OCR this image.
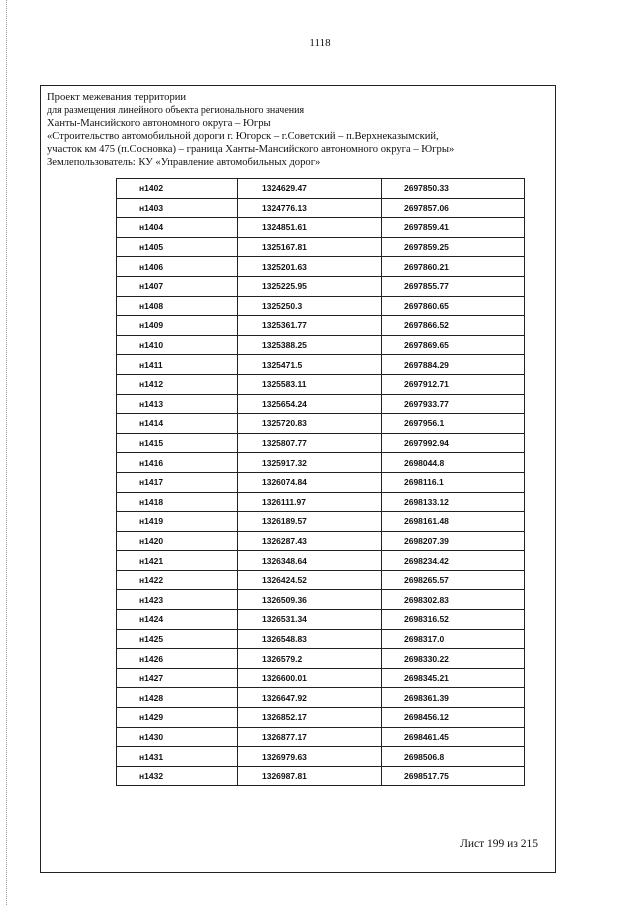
1118
Проект межевания территории
для размещения линейного объекта регионального значения
Ханты-Мансийского автономного округа – Югры
«Строительство автомобильной дороги г. Югорск – г.Советский – п.Верхнеказымский,
участок км 475 (п.Сосновка) – граница Ханты-Мансийского автономного округа – Югры»
Землепользователь: КУ «Управление автомобильных дорог»
н1402	1324629.47	2697850.33
н1403	1324776.13	2697857.06
н1404	1324851.61	2697859.41
н1405	1325167.81	2697859.25
н1406	1325201.63	2697860.21
н1407	1325225.95	2697855.77
н1408	1325250.3	2697860.65
н1409	1325361.77	2697866.52
н1410	1325388.25	2697869.65
н1411	1325471.5	2697884.29
н1412	1325583.11	2697912.71
н1413	1325654.24	2697933.77
н1414	1325720.83	2697956.1
н1415	1325807.77	2697992.94
н1416	1325917.32	2698044.8
н1417	1326074.84	2698116.1
н1418	1326111.97	2698133.12
н1419	1326189.57	2698161.48
н1420	1326287.43	2698207.39
н1421	1326348.64	2698234.42
н1422	1326424.52	2698265.57
н1423	1326509.36	2698302.83
н1424	1326531.34	2698316.52
н1425	1326548.83	2698317.0
н1426	1326579.2	2698330.22
н1427	1326600.01	2698345.21
н1428	1326647.92	2698361.39
н1429	1326852.17	2698456.12
н1430	1326877.17	2698461.45
н1431	1326979.63	2698506.8
н1432	1326987.81	2698517.75
Лист 199 из 215
